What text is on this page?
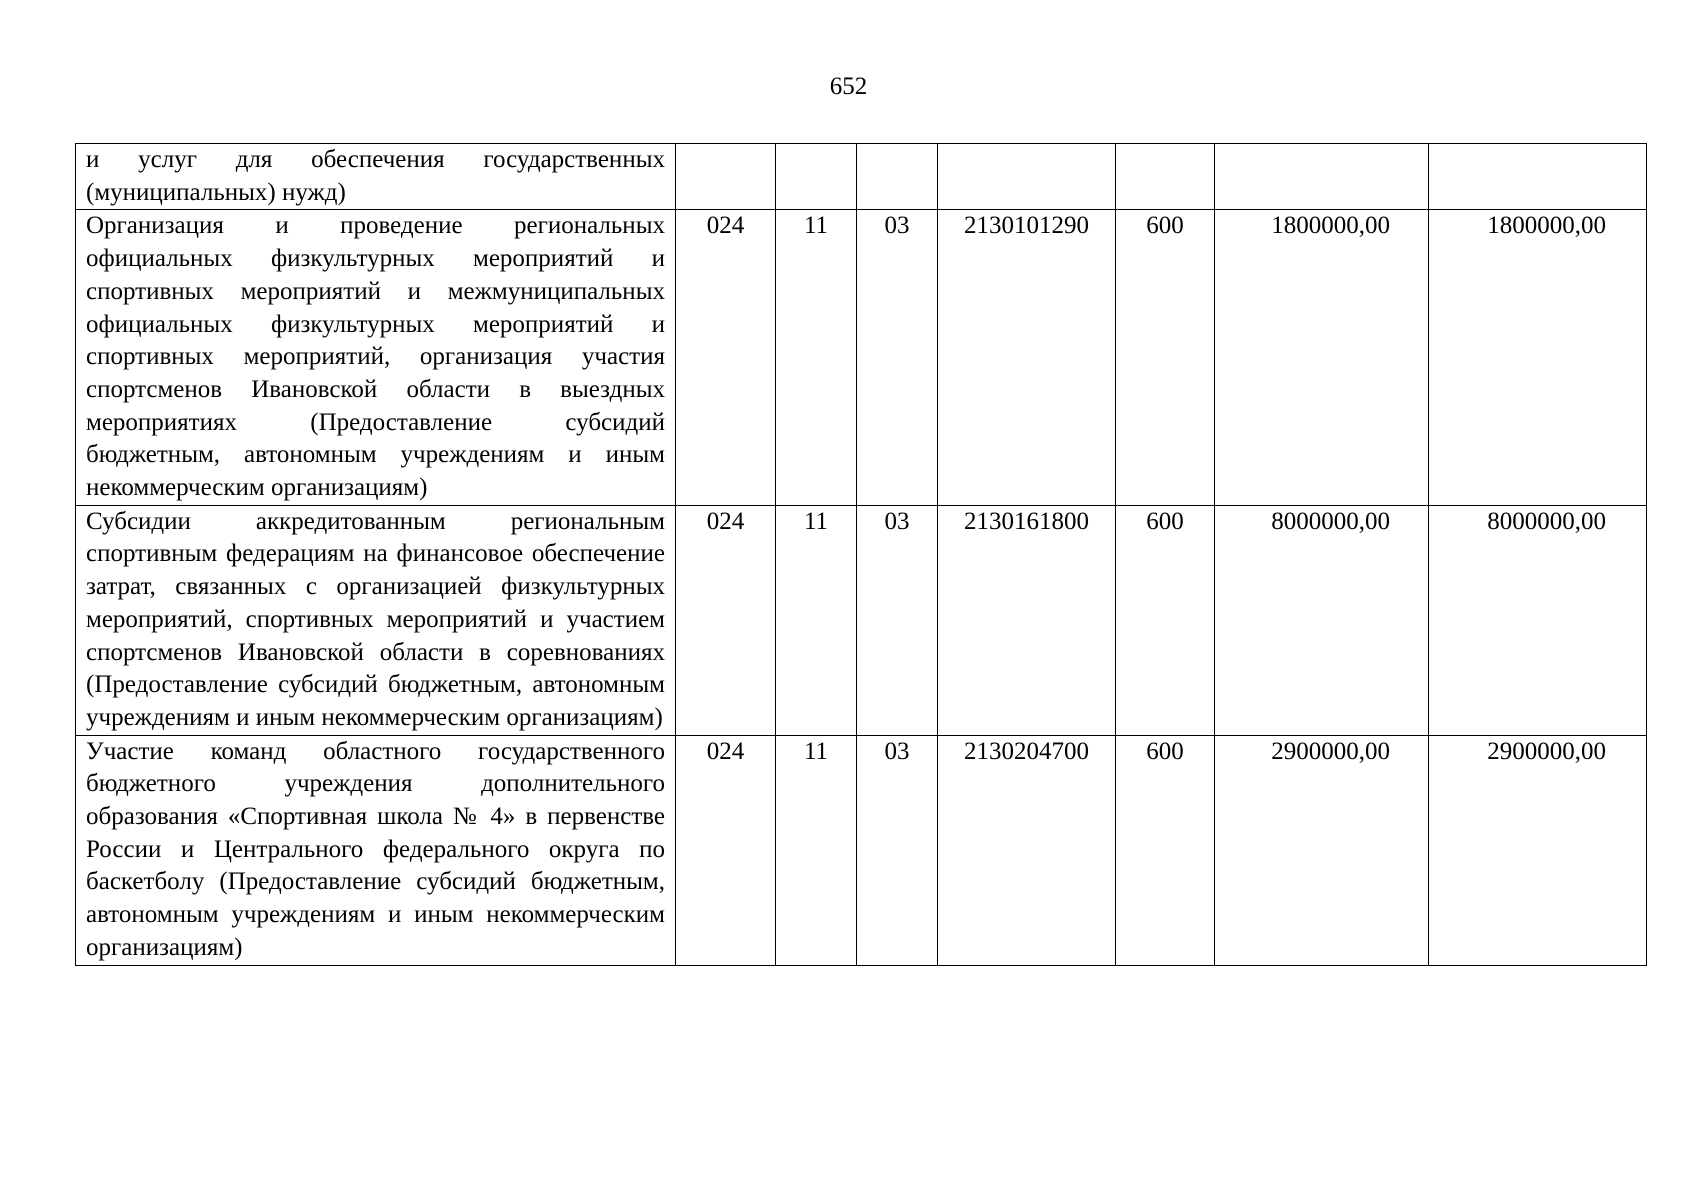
652
и услуг для обеспечения государственных (муниципальных) нужд)							
Организация и проведение региональных официальных физкультурных мероприятий и спортивных мероприятий и межмуниципальных официальных физкультурных мероприятий и спортивных мероприятий, организация участия спортсменов Ивановской области в выездных мероприятиях (Предоставление субсидий бюджетным, автономным учреждениям и иным некоммерческим организациям)	024	11	03	2130101290	600	1800000,00	1800000,00
Субсидии аккредитованным региональным спортивным федерациям на финансовое обеспечение затрат, связанных с организацией физкультурных мероприятий, спортивных мероприятий и участием спортсменов Ивановской области в соревнованиях (Предоставление субсидий бюджетным, автономным учреждениям и иным некоммерческим организациям)	024	11	03	2130161800	600	8000000,00	8000000,00
Участие команд областного государственного бюджетного учреждения дополнительного образования «Спортивная школа № 4» в первенстве России и Центрального федерального округа по баскетболу (Предоставление субсидий бюджетным, автономным учреждениям и иным некоммерческим организациям)	024	11	03	2130204700	600	2900000,00	2900000,00
